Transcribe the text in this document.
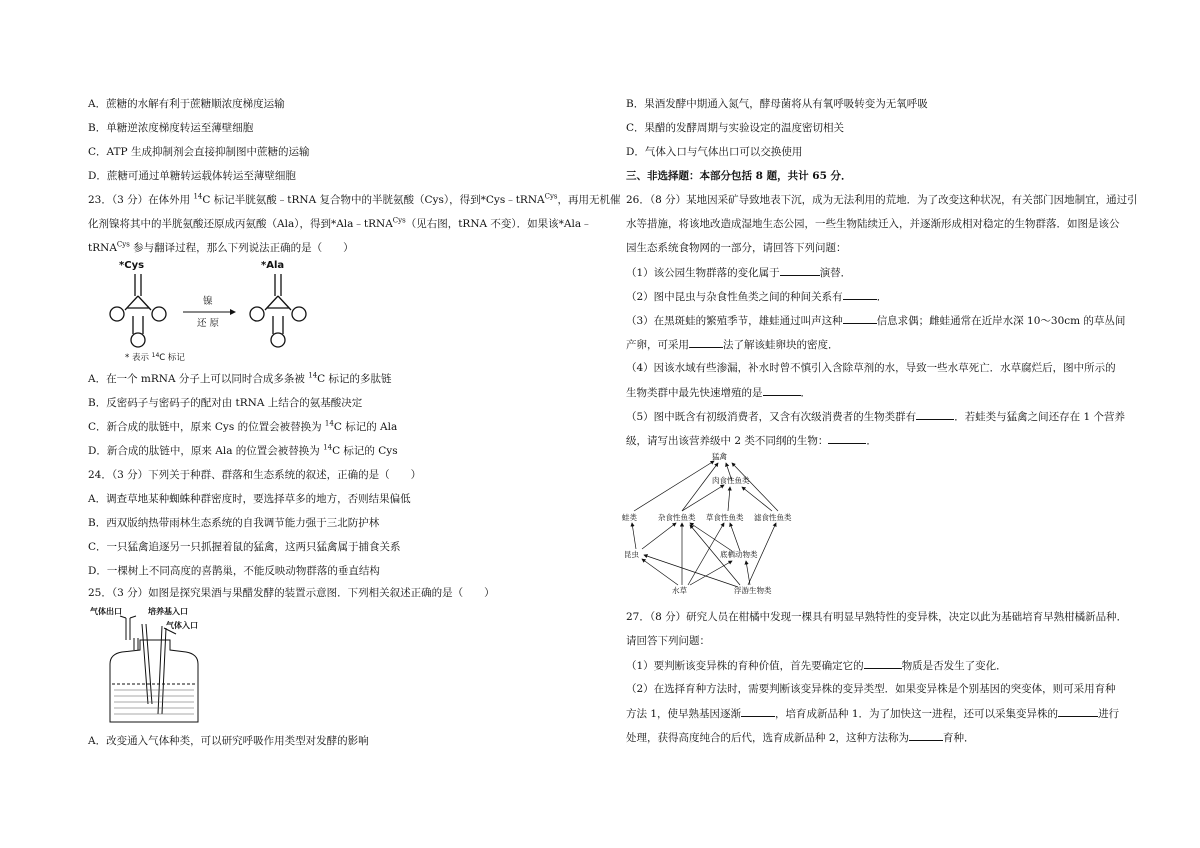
A．蔗糖的水解有利于蔗糖顺浓度梯度运输
B．单糖逆浓度梯度转运至薄壁细胞
C．ATP 生成抑制剂会直接抑制图中蔗糖的运输
D．蔗糖可通过单糖转运载体转运至薄壁细胞
23．（3 分）在体外用 $^{14}$C 标记半胱氨酸﹣tRNA 复合物中的半胱氨酸（Cys），得到*Cys﹣tRNA$^{Cys}$，再用无机催
化剂镍将其中的半胱氨酸还原成丙氨酸（Ala），得到*Ala﹣tRNA$^{Cys}$（见右图，tRNA 不变）．如果该*Ala﹣
tRNA$^{Cys}$ 参与翻译过程，那么下列说法正确的是（　　）
*Cys
镍
还 原
*Ala
* 表示 $^{14}$C 标记
A．在一个 mRNA 分子上可以同时合成多条被 $^{14}$C 标记的多肽链
B．反密码子与密码子的配对由 tRNA 上结合的氨基酸决定
C．新合成的肽链中，原来 Cys 的位置会被替换为 $^{14}$C 标记的 Ala
D．新合成的肽链中，原来 Ala 的位置会被替换为 $^{14}$C 标记的 Cys
24．（3 分）下列关于种群、群落和生态系统的叙述，正确的是（　　）
A．调查草地某种蜘蛛种群密度时，要选择草多的地方，否则结果偏低
B．西双版纳热带雨林生态系统的自我调节能力强于三北防护林
C．一只猛禽追逐另一只抓握着鼠的猛禽，这两只猛禽属于捕食关系
D．一棵树上不同高度的喜鹊巢，不能反映动物群落的垂直结构
25．（3 分）如图是探究果酒与果醋发酵的装置示意图．下列相关叙述正确的是（　　）
气体出口	培养基入口
气体入口
A．改变通入气体种类，可以研究呼吸作用类型对发酵的影响
B．果酒发酵中期通入氮气，酵母菌将从有氧呼吸转变为无氧呼吸
C．果醋的发酵周期与实验设定的温度密切相关
D．气体入口与气体出口可以交换使用
三、非选择题：本部分包括 8 题，共计 65 分．
26．（8 分）某地因采矿导致地表下沉，成为无法利用的荒地．为了改变这种状况，有关部门因地制宜，通过引
水等措施，将该地改造成湿地生态公园，一些生物陆续迁入，并逐渐形成相对稳定的生物群落．如图是该公
园生态系统食物网的一部分，请回答下列问题：
（1）该公园生物群落的变化属于	演替．
（2）图中昆虫与杂食性鱼类之间的种间关系有	．
（3）在黑斑蛙的繁殖季节，雄蛙通过叫声这种	信息求偶；雌蛙通常在近岸水深 10～30cm 的草丛间
产卵，可采用	法了解该蛙卵块的密度．
（4）因该水域有些渗漏，补水时曾不慎引入含除草剂的水，导致一些水草死亡．水草腐烂后，图中所示的
生物类群中最先快速增殖的是	．
（5）图中既含有初级消费者，又含有次级消费者的生物类群有	．若蛙类与猛禽之间还存在 1 个营养
级，请写出该营养级中 2 类不同纲的生物：	．
猛禽
肉食性鱼类
蛙类	杂食性鱼类 草食性鱼类 滤食性鱼类
昆虫	底栖动物类
水草	浮游生物类
27．（8 分）研究人员在柑橘中发现一棵具有明显早熟特性的变异株，决定以此为基础培育早熟柑橘新品种．
请回答下列问题：
（1）要判断该变异株的育种价值，首先要确定它的	物质是否发生了变化．
（2）在选择育种方法时，需要判断该变异株的变异类型．如果变异株是个别基因的突变体，则可采用育种
方法 1，使早熟基因逐渐	，培育成新品种 1．为了加快这一进程，还可以采集变异株的	进行
处理，获得高度纯合的后代，选育成新品种 2，这种方法称为	育种．
